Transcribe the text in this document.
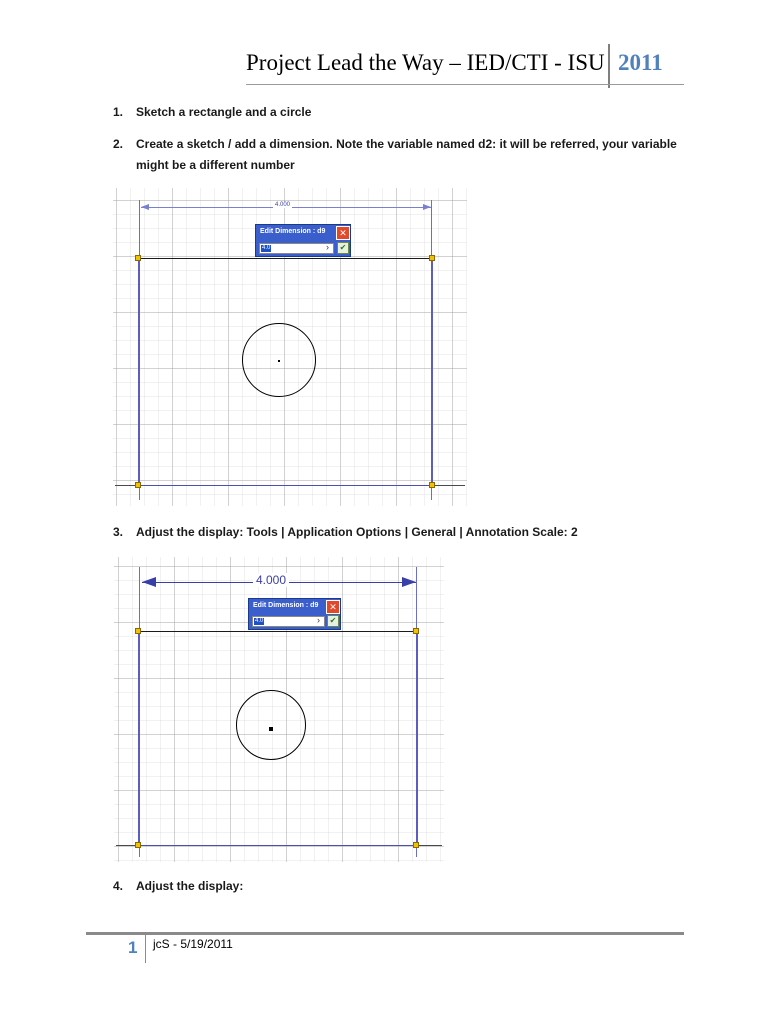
Project Lead the Way – IED/CTI - ISU 2011
1. Sketch a rectangle and a circle
2. Create a sketch / add a dimension. Note the variable named d2: it will be referred, your variable might be a different number
4.000
Edit Dimension : d9	✕
4.0	›	✔
3. Adjust the display: Tools | Application Options | General | Annotation Scale: 2
4.000
Edit Dimension : d9	✕
4.0	›	✔
4. Adjust the display:
1 jcS - 5/19/2011
